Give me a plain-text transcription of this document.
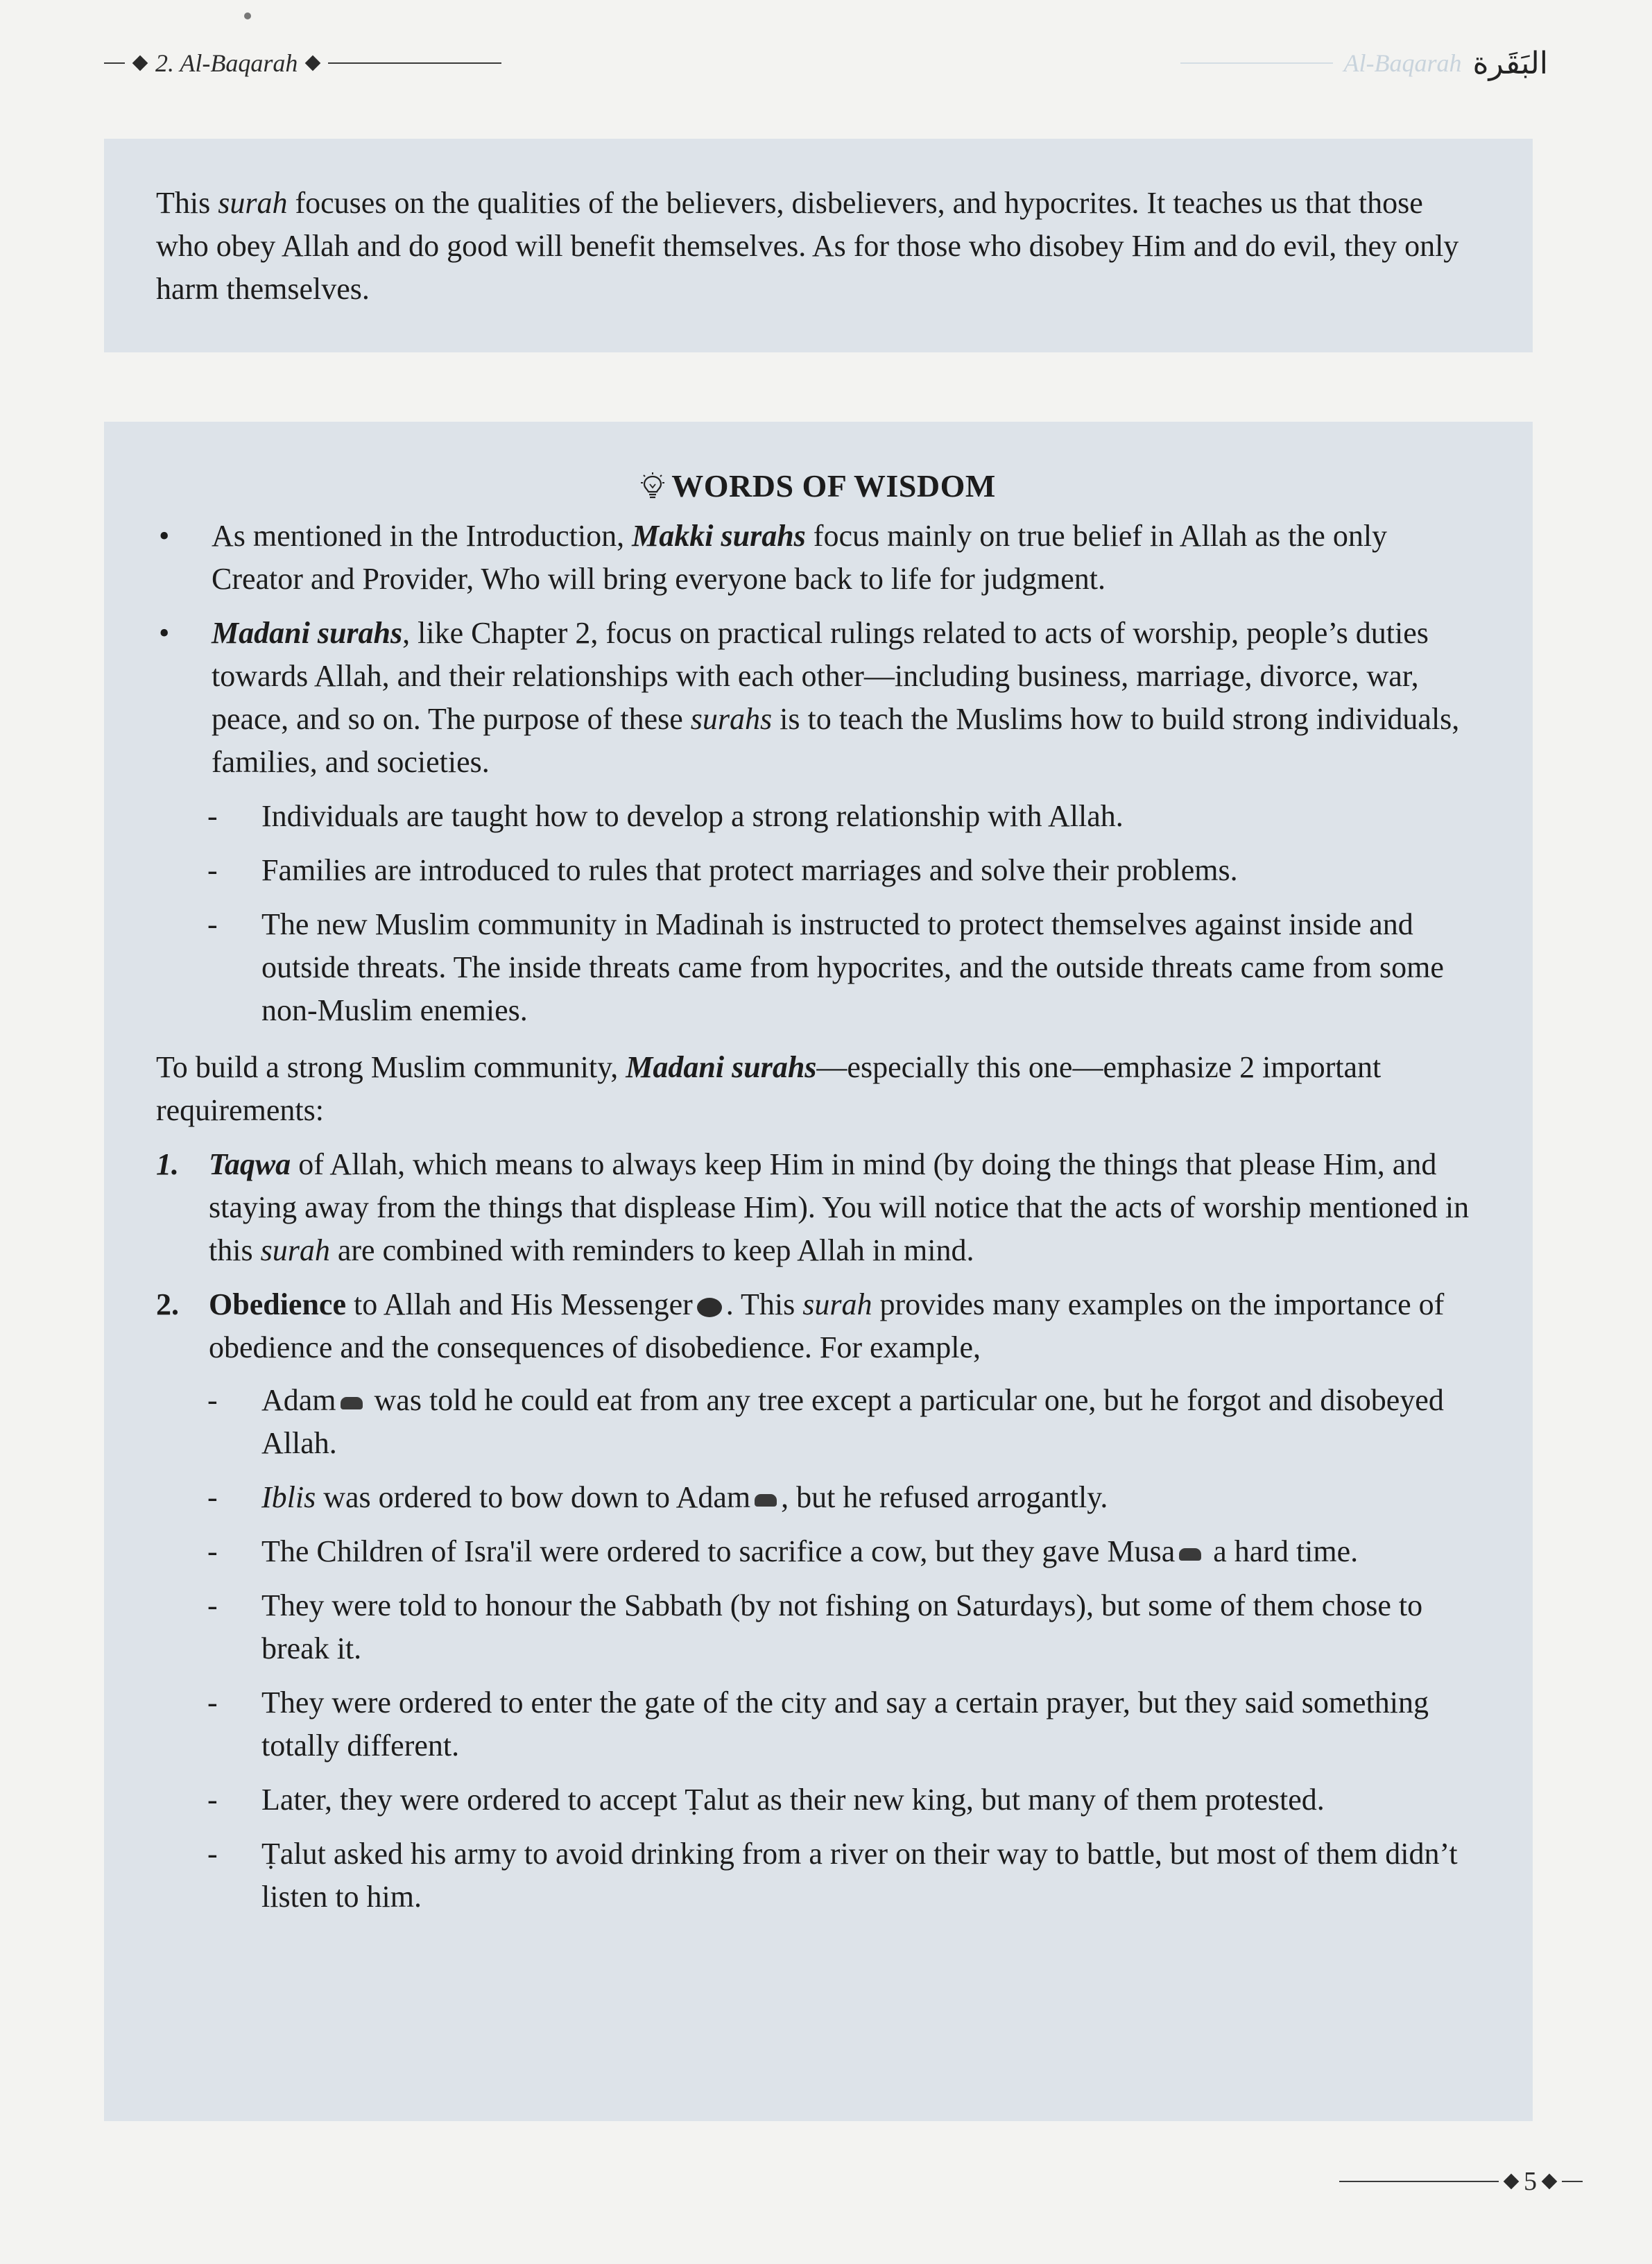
2. Al-Baqarah	Al-Baqarah البَقَرة

This surah focuses on the qualities of the believers, disbelievers, and hypocrites. It teaches us that those who obey Allah and do good will benefit themselves. As for those who disobey Him and do evil, they only harm themselves.

WORDS OF WISDOM
•	As mentioned in the Introduction, Makki surahs focus mainly on true belief in Allah as the only Creator and Provider, Who will bring everyone back to life for judgment.
•	Madani surahs, like Chapter 2, focus on practical rulings related to acts of worship, people’s duties towards Allah, and their relationships with each other—including business, marriage, divorce, war, peace, and so on. The purpose of these surahs is to teach the Muslims how to build strong individuals, families, and societies.
-	Individuals are taught how to develop a strong relationship with Allah.
-	Families are introduced to rules that protect marriages and solve their problems.
-	The new Muslim community in Madinah is instructed to protect themselves against inside and outside threats. The inside threats came from hypocrites, and the outside threats came from some non-Muslim enemies.
To build a strong Muslim community, Madani surahs—especially this one—emphasize 2 important requirements:
1. Taqwa of Allah, which means to always keep Him in mind (by doing the things that please Him, and staying away from the things that displease Him). You will notice that the acts of worship mentioned in this surah are combined with reminders to keep Allah in mind.
2. Obedience to Allah and His Messenger . This surah provides many examples on the importance of obedience and the consequences of disobedience. For example,
-	Adam was told he could eat from any tree except a particular one, but he forgot and disobeyed Allah.
-	Iblis was ordered to bow down to Adam , but he refused arrogantly.
-	The Children of Isra'il were ordered to sacrifice a cow, but they gave Musa a hard time.
-	They were told to honour the Sabbath (by not fishing on Saturdays), but some of them chose to break it.
-	They were ordered to enter the gate of the city and say a certain prayer, but they said something totally different.
-	Later, they were ordered to accept Ṭalut as their new king, but many of them protested.
-	Ṭalut asked his army to avoid drinking from a river on their way to battle, but most of them didn’t listen to him.
5
